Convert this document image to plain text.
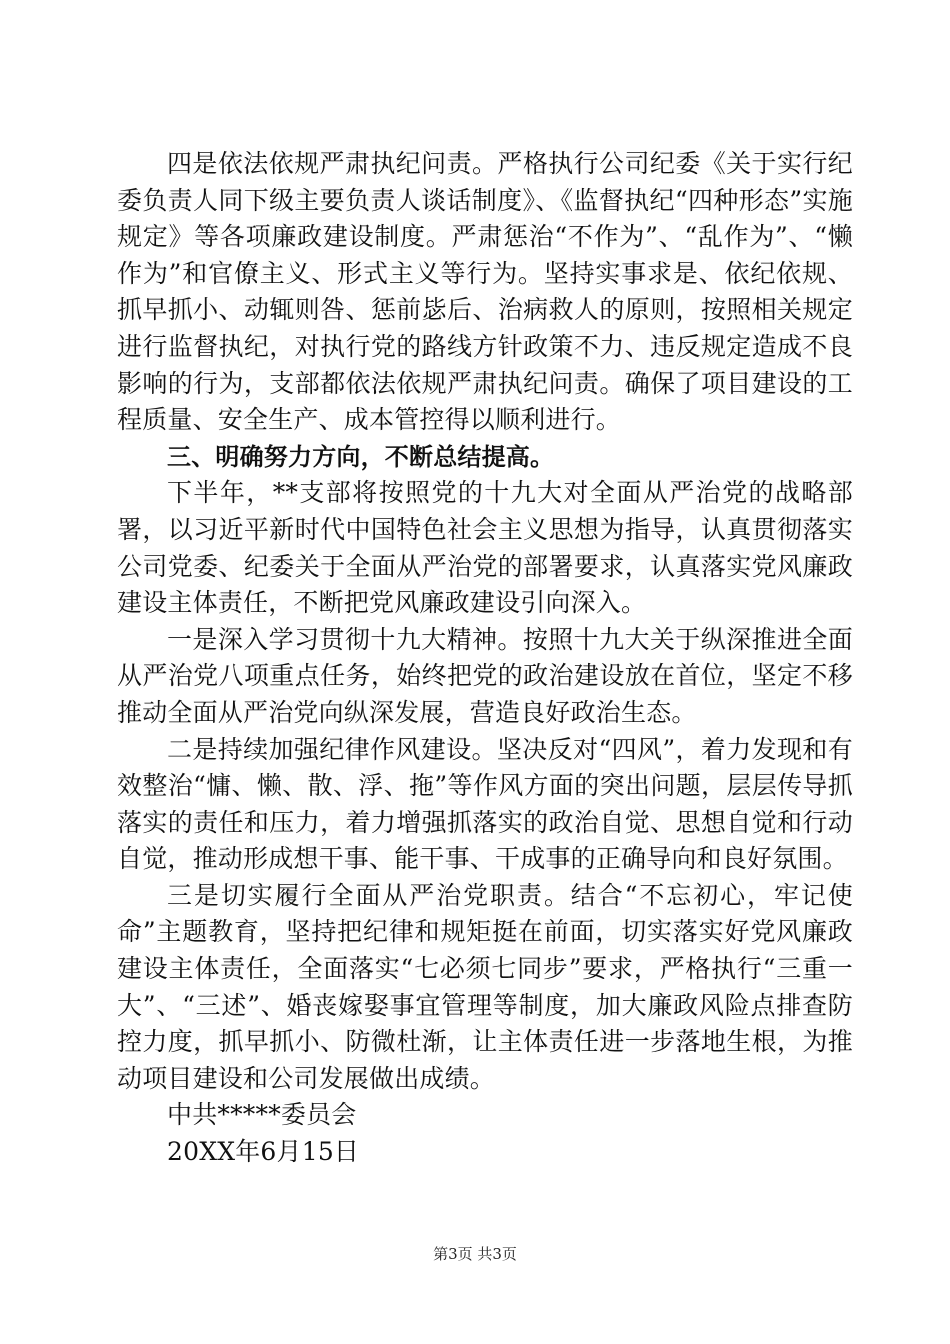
四是依法依规严肃执纪问责。严格执行公司纪委《关于实行纪委负责人同下级主要负责人谈话制度》、《监督执纪“四种形态”实施规定》等各项廉政建设制度。严肃惩治“不作为”、“乱作为”、“懒作为”和官僚主义、形式主义等行为。坚持实事求是、依纪依规、抓早抓小、动辄则咎、惩前毖后、治病救人的原则，按照相关规定进行监督执纪，对执行党的路线方针政策不力、违反规定造成不良影响的行为，支部都依法依规严肃执纪问责。确保了项目建设的工程质量、安全生产、成本管控得以顺利进行。

三、明确努力方向，不断总结提高。

下半年，**支部将按照党的十九大对全面从严治党的战略部署，以习近平新时代中国特色社会主义思想为指导，认真贯彻落实公司党委、纪委关于全面从严治党的部署要求，认真落实党风廉政建设主体责任，不断把党风廉政建设引向深入。

一是深入学习贯彻十九大精神。按照十九大关于纵深推进全面从严治党八项重点任务，始终把党的政治建设放在首位，坚定不移推动全面从严治党向纵深发展，营造良好政治生态。

二是持续加强纪律作风建设。坚决反对“四风”，着力发现和有效整治“慵、懒、散、浮、拖”等作风方面的突出问题，层层传导抓落实的责任和压力，着力增强抓落实的政治自觉、思想自觉和行动自觉，推动形成想干事、能干事、干成事的正确导向和良好氛围。

三是切实履行全面从严治党职责。结合“不忘初心，牢记使命”主题教育，坚持把纪律和规矩挺在前面，切实落实好党风廉政建设主体责任，全面落实“七必须七同步”要求，严格执行“三重一大”、“三述”、婚丧嫁娶事宜管理等制度，加大廉政风险点排查防控力度，抓早抓小、防微杜渐，让主体责任进一步落地生根，为推动项目建设和公司发展做出成绩。

中共*****委员会

20XX年6月15日

第3页 共3页
